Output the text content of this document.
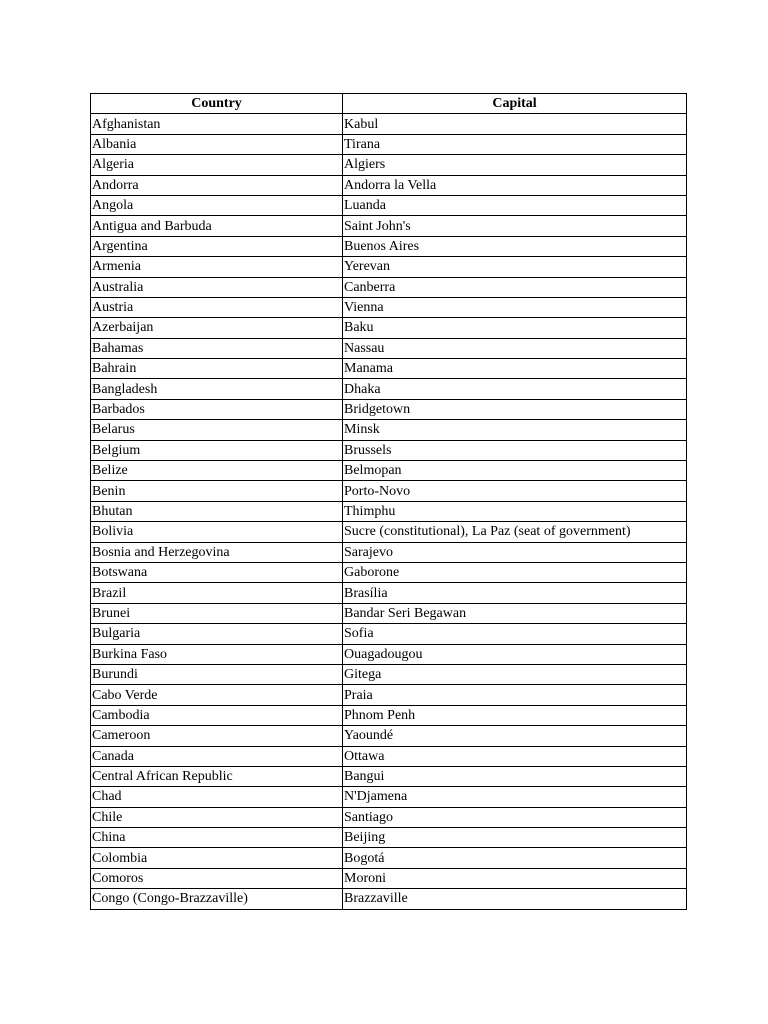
Country	Capital
Afghanistan	Kabul
Albania	Tirana
Algeria	Algiers
Andorra	Andorra la Vella
Angola	Luanda
Antigua and Barbuda	Saint John's
Argentina	Buenos Aires
Armenia	Yerevan
Australia	Canberra
Austria	Vienna
Azerbaijan	Baku
Bahamas	Nassau
Bahrain	Manama
Bangladesh	Dhaka
Barbados	Bridgetown
Belarus	Minsk
Belgium	Brussels
Belize	Belmopan
Benin	Porto-Novo
Bhutan	Thimphu
Bolivia	Sucre (constitutional), La Paz (seat of government)
Bosnia and Herzegovina	Sarajevo
Botswana	Gaborone
Brazil	Brasília
Brunei	Bandar Seri Begawan
Bulgaria	Sofia
Burkina Faso	Ouagadougou
Burundi	Gitega
Cabo Verde	Praia
Cambodia	Phnom Penh
Cameroon	Yaoundé
Canada	Ottawa
Central African Republic	Bangui
Chad	N'Djamena
Chile	Santiago
China	Beijing
Colombia	Bogotá
Comoros	Moroni
Congo (Congo-Brazzaville)	Brazzaville
